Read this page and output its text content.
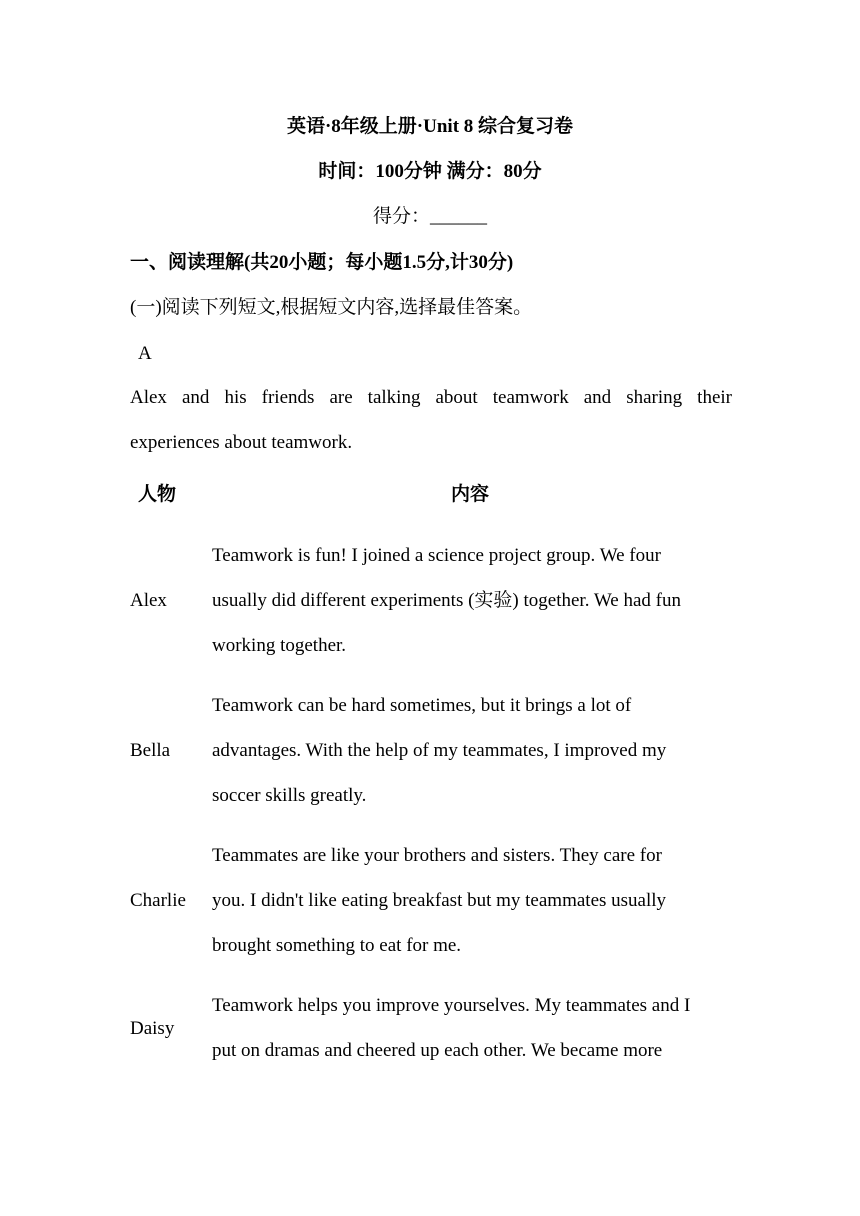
英语·8年级上册·Unit 8 综合复习卷
时间：100分钟 满分：80分
得分：______
一、阅读理解(共20小题；每小题1.5分,计30分)
(一)阅读下列短文,根据短文内容,选择最佳答案。
A
Alex and his friends are talking about teamwork and sharing their
experiences about teamwork.
人物	内容
Alex
Teamwork is fun! I joined a science project group. We four
usually did different experiments (实验) together. We had fun
working together.
Bella
Teamwork can be hard sometimes, but it brings a lot of
advantages. With the help of my teammates, I improved my
soccer skills greatly.
Charlie
Teammates are like your brothers and sisters. They care for
you. I didn't like eating breakfast but my teammates usually
brought something to eat for me.
Daisy
Teamwork helps you improve yourselves. My teammates and I
put on dramas and cheered up each other. We became more
